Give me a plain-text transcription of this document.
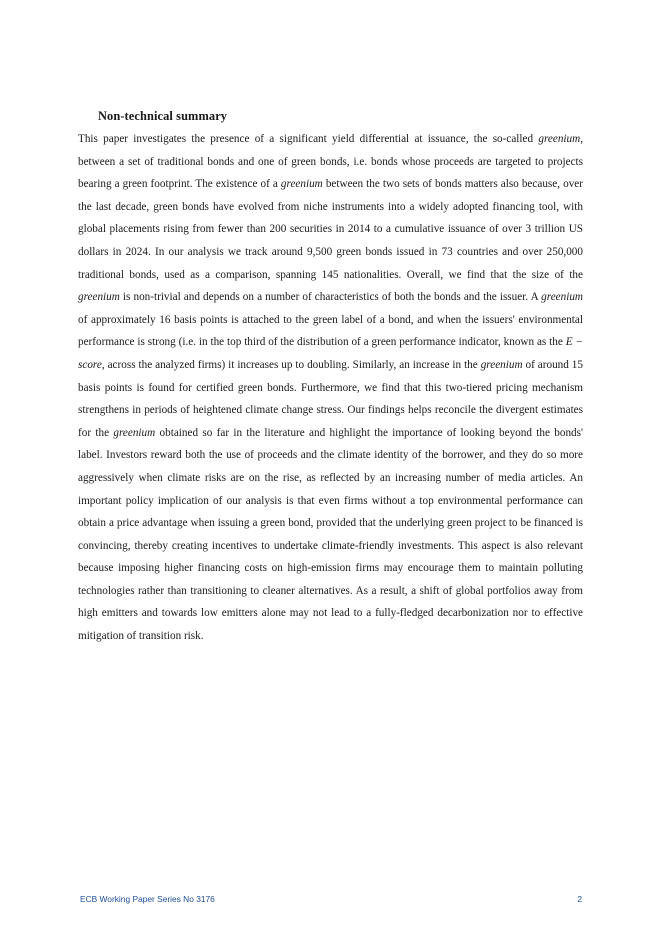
Non-technical summary

This paper investigates the presence of a significant yield differential at issuance, the so-called greenium, between a set of traditional bonds and one of green bonds, i.e. bonds whose proceeds are targeted to projects bearing a green footprint. The existence of a greenium between the two sets of bonds matters also because, over the last decade, green bonds have evolved from niche instruments into a widely adopted financing tool, with global placements rising from fewer than 200 securities in 2014 to a cumulative issuance of over 3 trillion US dollars in 2024. In our analysis we track around 9,500 green bonds issued in 73 countries and over 250,000 traditional bonds, used as a comparison, spanning 145 nationalities. Overall, we find that the size of the greenium is non-trivial and depends on a number of characteristics of both the bonds and the issuer. A greenium of approximately 16 basis points is attached to the green label of a bond, and when the issuers' environmental performance is strong (i.e. in the top third of the distribution of a green performance indicator, known as the E − score, across the analyzed firms) it increases up to doubling. Similarly, an increase in the greenium of around 15 basis points is found for certified green bonds. Furthermore, we find that this two-tiered pricing mechanism strengthens in periods of heightened climate change stress. Our findings helps reconcile the divergent estimates for the greenium obtained so far in the literature and highlight the importance of looking beyond the bonds' label. Investors reward both the use of proceeds and the climate identity of the borrower, and they do so more aggressively when climate risks are on the rise, as reflected by an increasing number of media articles. An important policy implication of our analysis is that even firms without a top environmental performance can obtain a price advantage when issuing a green bond, provided that the underlying green project to be financed is convincing, thereby creating incentives to undertake climate-friendly investments. This aspect is also relevant because imposing higher financing costs on high-emission firms may encourage them to maintain polluting technologies rather than transitioning to cleaner alternatives. As a result, a shift of global portfolios away from high emitters and towards low emitters alone may not lead to a fully-fledged decarbonization nor to effective mitigation of transition risk.

ECB Working Paper Series No 3176	2
